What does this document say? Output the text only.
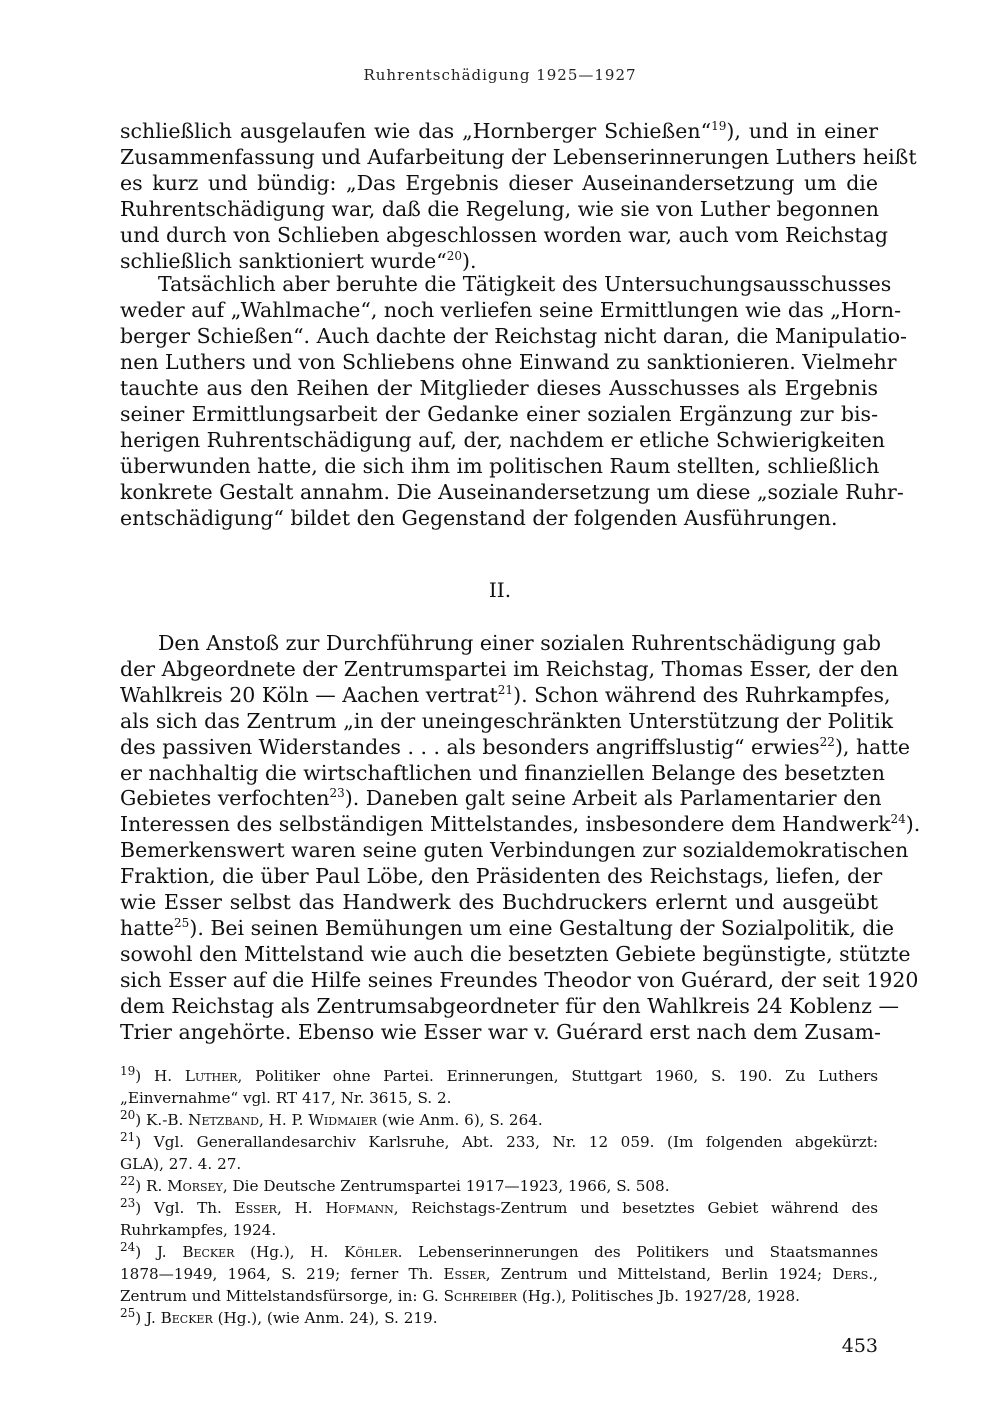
Ruhrentschädigung 1925—1927
schließlich ausgelaufen wie das „Hornberger Schießen“$^{19}$), und in einer
Zusammenfassung und Aufarbeitung der Lebenserinnerungen Luthers heißt
es kurz und bündig: „Das Ergebnis dieser Auseinandersetzung um die
Ruhrentschädigung war, daß die Regelung, wie sie von Luther begonnen
und durch von Schlieben abgeschlossen worden war, auch vom Reichstag
schließlich sanktioniert wurde“$^{20}$).
Tatsächlich aber beruhte die Tätigkeit des Untersuchungsausschusses
weder auf „Wahlmache“, noch verliefen seine Ermittlungen wie das „Horn-
berger Schießen“. Auch dachte der Reichstag nicht daran, die Manipulatio-
nen Luthers und von Schliebens ohne Einwand zu sanktionieren. Vielmehr
tauchte aus den Reihen der Mitglieder dieses Ausschusses als Ergebnis
seiner Ermittlungsarbeit der Gedanke einer sozialen Ergänzung zur bis-
herigen Ruhrentschädigung auf, der, nachdem er etliche Schwierigkeiten
überwunden hatte, die sich ihm im politischen Raum stellten, schließlich
konkrete Gestalt annahm. Die Auseinandersetzung um diese „soziale Ruhr-
entschädigung“ bildet den Gegenstand der folgenden Ausführungen.
Den Anstoß zur Durchführung einer sozialen Ruhrentschädigung gab
der Abgeordnete der Zentrumspartei im Reichstag, Thomas Esser, der den
Wahlkreis 20 Köln — Aachen vertrat$^{21}$). Schon während des Ruhrkampfes,
als sich das Zentrum „in der uneingeschränkten Unterstützung der Politik
des passiven Widerstandes . . . als besonders angriffslustig“ erwies$^{22}$), hatte
er nachhaltig die wirtschaftlichen und finanziellen Belange des besetzten
Gebietes verfochten$^{23}$). Daneben galt seine Arbeit als Parlamentarier den
Interessen des selbständigen Mittelstandes, insbesondere dem Handwerk$^{24}$).
Bemerkenswert waren seine guten Verbindungen zur sozialdemokratischen
Fraktion, die über Paul Löbe, den Präsidenten des Reichstags, liefen, der
wie Esser selbst das Handwerk des Buchdruckers erlernt und ausgeübt
hatte$^{25}$). Bei seinen Bemühungen um eine Gestaltung der Sozialpolitik, die
sowohl den Mittelstand wie auch die besetzten Gebiete begünstigte, stützte
sich Esser auf die Hilfe seines Freundes Theodor von Guérard, der seit 1920
dem Reichstag als Zentrumsabgeordneter für den Wahlkreis 24 Koblenz —
Trier angehörte. Ebenso wie Esser war v. Guérard erst nach dem Zusam-
II.
$^{19}$) H. Luther, Politiker ohne Partei. Erinnerungen, Stuttgart 1960, S. 190. Zu Luthers
„Einvernahme“ vgl. RT 417, Nr. 3615, S. 2.
$^{20}$) K.-B. Netzband, H. P. Widmaier (wie Anm. 6), S. 264.
$^{21}$) Vgl. Generallandesarchiv Karlsruhe, Abt. 233, Nr. 12 059. (Im folgenden abgekürzt:
GLA), 27. 4. 27.
$^{22}$) R. Morsey, Die Deutsche Zentrumspartei 1917—1923, 1966, S. 508.
$^{23}$) Vgl. Th. Esser, H. Hofmann, Reichstags-Zentrum und besetztes Gebiet während des
Ruhrkampfes, 1924.
$^{24}$) J. Becker (Hg.), H. Köhler. Lebenserinnerungen des Politikers und Staatsmannes
1878—1949, 1964, S. 219; ferner Th. Esser, Zentrum und Mittelstand, Berlin 1924; Ders.,
Zentrum und Mittelstandsfürsorge, in: G. Schreiber (Hg.), Politisches Jb. 1927/28, 1928.
$^{25}$) J. Becker (Hg.), (wie Anm. 24), S. 219.
453
